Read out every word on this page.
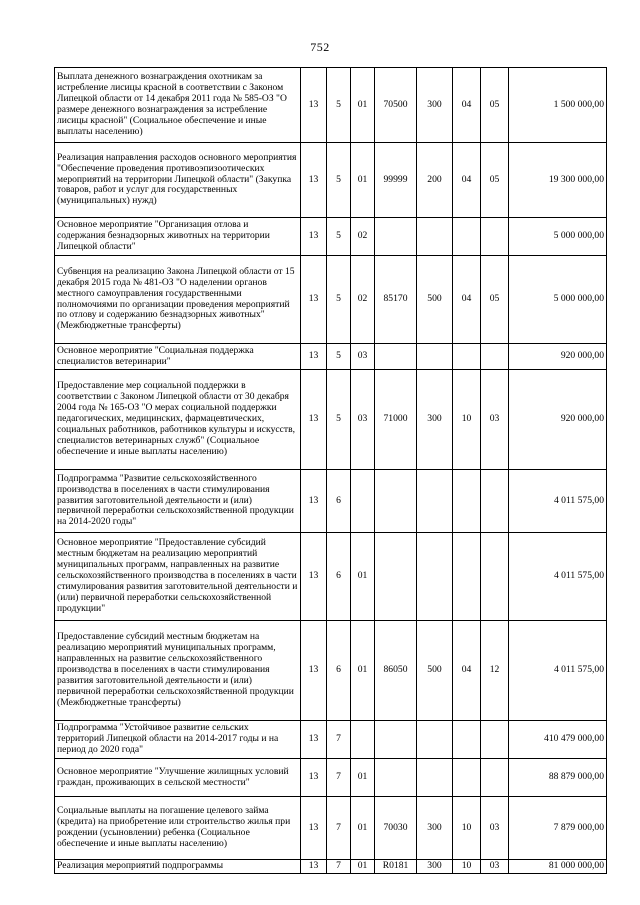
752
Выплата денежного вознаграждения охотникам за истребление лисицы красной в соответствии с Законом Липецкой области от 14 декабря 2011 года № 585-ОЗ "О размере денежного вознаграждения за истребление лисицы красной" (Социальное обеспечение и иные выплаты населению)	13	5	01	70500	300	04	05	1 500 000,00
Реализация направления расходов основного мероприятия "Обеспечение проведения противоэпизоотических мероприятий на территории Липецкой области" (Закупка товаров, работ и услуг для государственных (муниципальных) нужд)	13	5	01	99999	200	04	05	19 300 000,00
Основное мероприятие "Организация отлова и содержания безнадзорных животных на территории Липецкой области"	13	5	02					5 000 000,00
Субвенция на реализацию Закона Липецкой области от 15 декабря 2015 года № 481-ОЗ "О наделении органов местного самоуправления государственными полномочиями по организации проведения мероприятий по отлову и содержанию безнадзорных животных" (Межбюджетные трансферты)	13	5	02	85170	500	04	05	5 000 000,00
Основное мероприятие "Социальная поддержка специалистов ветеринарии"	13	5	03					920 000,00
Предоставление мер социальной поддержки в соответствии с Законом Липецкой области от 30 декабря 2004 года № 165-ОЗ "О мерах социальной поддержки педагогических, медицинских, фармацевтических, социальных работников, работников культуры и искусств, специалистов ветеринарных служб" (Социальное обеспечение и иные выплаты населению)	13	5	03	71000	300	10	03	920 000,00
Подпрограмма "Развитие сельскохозяйственного производства в поселениях в части стимулирования развития заготовительной деятельности и (или) первичной переработки сельскохозяйственной продукции на 2014-2020 годы"	13	6						4 011 575,00
Основное мероприятие "Предоставление субсидий местным бюджетам на реализацию мероприятий муниципальных программ, направленных на развитие сельскохозяйственного производства в поселениях в части стимулирования развития заготовительной деятельности и (или) первичной переработки сельскохозяйственной продукции"	13	6	01					4 011 575,00
Предоставление субсидий местным бюджетам на реализацию мероприятий муниципальных программ, направленных на развитие сельскохозяйственного производства в поселениях в части стимулирования развития заготовительной деятельности и (или) первичной переработки сельскохозяйственной продукции (Межбюджетные трансферты)	13	6	01	86050	500	04	12	4 011 575,00
Подпрограмма "Устойчивое развитие сельских территорий Липецкой области на 2014-2017 годы и на период до 2020 года"	13	7						410 479 000,00
Основное мероприятие "Улучшение жилищных условий граждан, проживающих в сельской местности"	13	7	01					88 879 000,00
Социальные выплаты на погашение целевого займа (кредита) на приобретение или строительство жилья при рождении (усыновлении) ребенка (Социальное обеспечение и иные выплаты населению)	13	7	01	70030	300	10	03	7 879 000,00
Реализация мероприятий подпрограммы	13	7	01	R0181	300	10	03	81 000 000,00
